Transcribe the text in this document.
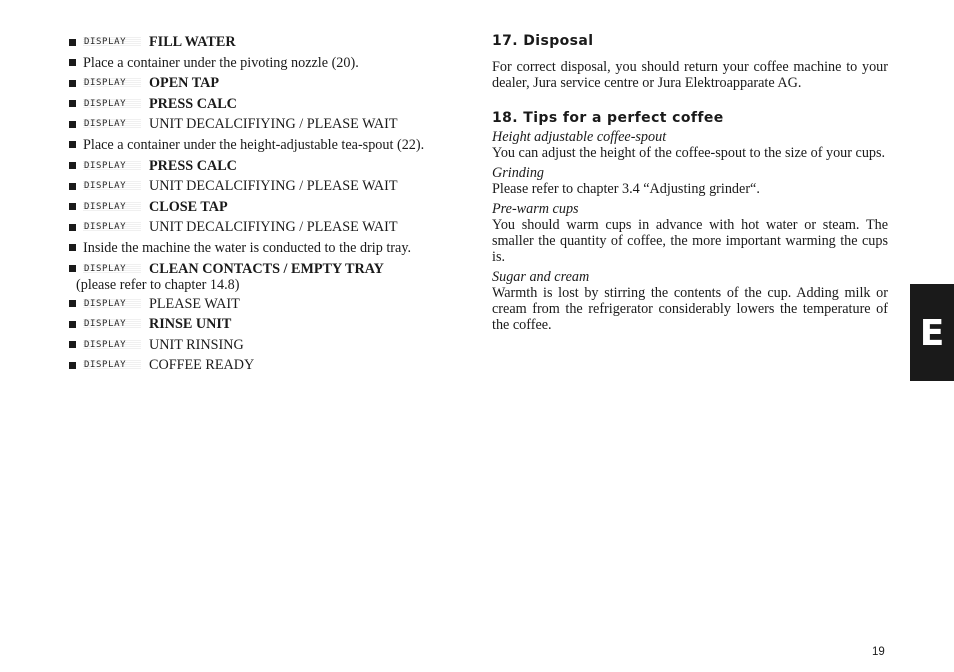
DISPLAY	FILL WATER
Place a container under the pivoting nozzle (20).
DISPLAY	OPEN TAP
DISPLAY	PRESS CALC
DISPLAY	UNIT DECALCIFIYING / PLEASE WAIT
Place a container under the height-adjustable tea-spout (22).
DISPLAY	PRESS CALC
DISPLAY	UNIT DECALCIFIYING / PLEASE WAIT
DISPLAY	CLOSE TAP
DISPLAY	UNIT DECALCIFIYING / PLEASE WAIT
Inside the machine the water is conducted to the drip tray.
DISPLAY	CLEAN CONTACTS / EMPTY TRAY
(please refer to chapter 14.8)
DISPLAY	PLEASE WAIT
DISPLAY	RINSE UNIT
DISPLAY	UNIT RINSING
DISPLAY	COFFEE READY
17. Disposal

For correct disposal, you should return your coffee machine to your dealer, Jura service centre or Jura Elektroapparate AG.

18. Tips for a perfect coffee

Height adjustable coffee-spout

You can adjust the height of the coffee-spout to the size of your cups.

Grinding

Please refer to chapter 3.4 “Adjusting grinder“.

Pre-warm cups

You should warm cups in advance with hot water or steam. The smaller the quantity of coffee, the more important warming the cups is.

Sugar and cream

Warmth is lost by stirring the contents of the cup. Adding milk or cream from the refrigerator considerably lowers the temperature of the coffee.	E
19
